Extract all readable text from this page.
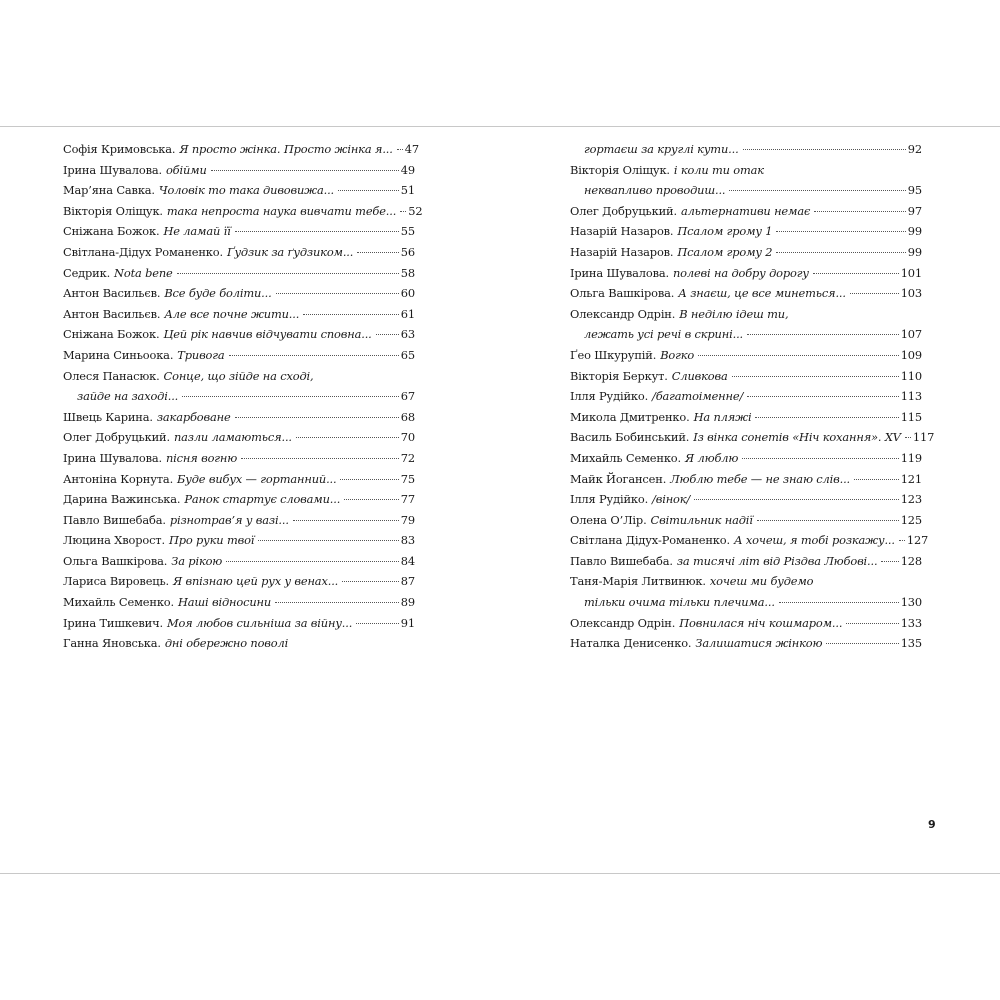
Софія Кримовська. Я просто жінка. Просто жінка я... 47
Ірина Шувалова. обійми	49
Мар’яна Савка. Чоловік то така дивовижа...	51
Вікторія Оліщук. така непроста наука вивчати тебе... 52
Сніжана Божок. Не ламай її	55
Світлана-Дідух Романенко. Ґудзик за ґудзиком...	56
Седрик. Nota bene	58
Антон Васильєв. Все буде боліти...	60
Антон Васильєв. Але все почне жити...	61
Сніжана Божок. Цей рік навчив відчувати сповна...	63
Марина Синьоока. Тривога	65
Олеся Панасюк. Сонце, що зійде на сході,
зайде на заході...	67
Швець Карина. закарбоване	68
Олег Добруцький. пазли ламаються...	70
Ірина Шувалова. пісня вогню	72
Антоніна Корнута. Буде вибух — гортанний...	75
Дарина Важинська. Ранок стартує словами...	77
Павло Вишебаба. різнотрав’я у вазі...	79
Люцина Хворост. Про руки твої	83
Ольга Вашкірова. За рікою	84
Лариса Вировець. Я впізнаю цей рух у венах...	87
Михайль Семенко. Наші відносини	89
Ірина Тишкевич. Моя любов сильніша за війну...	91
Ганна Яновська. дні обережно поволі
гортаєш за круглі кути...	92
Вікторія Оліщук. і коли ти отак
неквапливо проводиш...	95
Олег Добруцький. альтернативи немає	97
Назарій Назаров. Псалом грому 1	99
Назарій Назаров. Псалом грому 2	99
Ірина Шувалова. полеві на добру дорогу	101
Ольга Вашкірова. А знаєш, це все минеться...	103
Олександр Одрін. В неділю ідеш ти,
лежать усі речі в скрині...	107
Ґео Шкурупій. Вогко	109
Вікторія Беркут. Сливкова	110
Ілля Рудійко. /багатоіменне/	113
Микола Дмитренко. На пляжі	115
Василь Бобинський. Із вінка сонетів «Ніч кохання». XV 117
Михайль Семенко. Я люблю	119
Майк Йогансен. Люблю тебе — не знаю слів...	121
Ілля Рудійко. /вінок/	123
Олена О’Лір. Світильник надії	125
Світлана Дідух-Романенко. А хочеш, я тобі розкажу... 127
Павло Вишебаба. за тисячі літ від Різдва Любові... 128
Таня-Марія Литвинюк. хочеш ми будемо
тільки очима тільки плечима...	130
Олександр Одрін. Повнилася ніч кошмаром...	133
Наталка Денисенко. Залишатися жінкою	135
9
